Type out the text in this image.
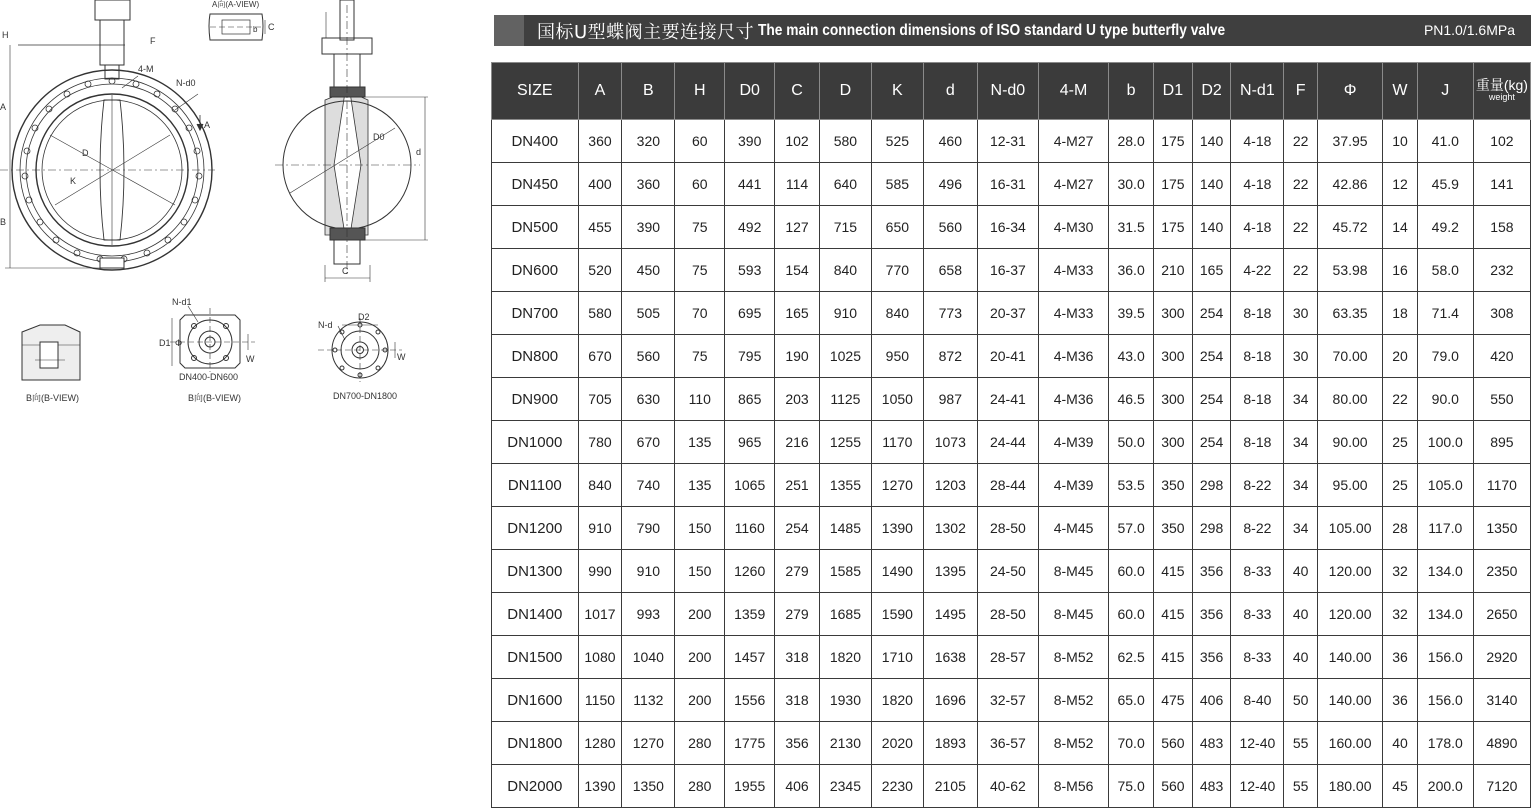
A向(A-VIEW)
H
F
C
b
4-M
N-d0
A
B
D
K
A
D0
d
C
N-d1
D1 Φ
W
N-d
D2
W
B向(B-VIEW)
DN400-DN600
B向(B-VIEW)	DN700-DN1800
国标U型蝶阀主要连接尺寸 The main connection dimensions of ISO standard U type butterfly valve	PN1.0/1.6MPa
SIZE	A	B	H	D0	C	D	K	d	N-d0	4-M	b	D1	D2	N-d1	F	Φ	W	J	重量(kg)
weight

DN400	360	320	60	390	102	580	525	460	12-31	4-M27	28.0	175	140	4-18	22	37.95	10	41.0	102
DN450	400	360	60	441	114	640	585	496	16-31	4-M27	30.0	175	140	4-18	22	42.86	12	45.9	141
DN500	455	390	75	492	127	715	650	560	16-34	4-M30	31.5	175	140	4-18	22	45.72	14	49.2	158
DN600	520	450	75	593	154	840	770	658	16-37	4-M33	36.0	210	165	4-22	22	53.98	16	58.0	232
DN700	580	505	70	695	165	910	840	773	20-37	4-M33	39.5	300	254	8-18	30	63.35	18	71.4	308
DN800	670	560	75	795	190	1025	950	872	20-41	4-M36	43.0	300	254	8-18	30	70.00	20	79.0	420
DN900	705	630	110	865	203	1125	1050	987	24-41	4-M36	46.5	300	254	8-18	34	80.00	22	90.0	550
DN1000	780	670	135	965	216	1255	1170	1073	24-44	4-M39	50.0	300	254	8-18	34	90.00	25	100.0	895
DN1100	840	740	135	1065	251	1355	1270	1203	28-44	4-M39	53.5	350	298	8-22	34	95.00	25	105.0	1170
DN1200	910	790	150	1160	254	1485	1390	1302	28-50	4-M45	57.0	350	298	8-22	34	105.00	28	117.0	1350
DN1300	990	910	150	1260	279	1585	1490	1395	24-50	8-M45	60.0	415	356	8-33	40	120.00	32	134.0	2350
DN1400	1017	993	200	1359	279	1685	1590	1495	28-50	8-M45	60.0	415	356	8-33	40	120.00	32	134.0	2650
DN1500	1080	1040	200	1457	318	1820	1710	1638	28-57	8-M52	62.5	415	356	8-33	40	140.00	36	156.0	2920
DN1600	1150	1132	200	1556	318	1930	1820	1696	32-57	8-M52	65.0	475	406	8-40	50	140.00	36	156.0	3140
DN1800	1280	1270	280	1775	356	2130	2020	1893	36-57	8-M52	70.0	560	483	12-40	55	160.00	40	178.0	4890
DN2000	1390	1350	280	1955	406	2345	2230	2105	40-62	8-M56	75.0	560	483	12-40	55	180.00	45	200.0	7120
